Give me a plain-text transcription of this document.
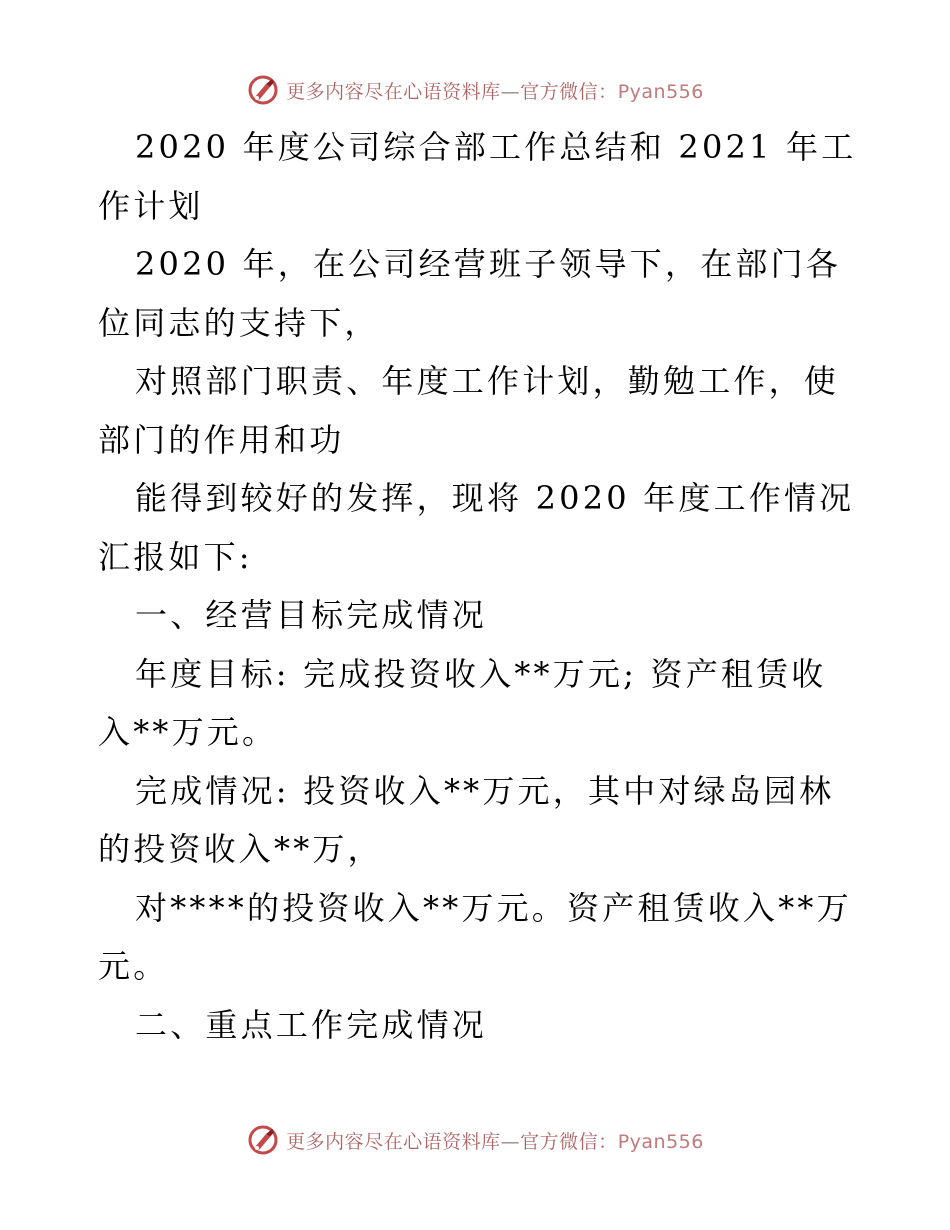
更多内容尽在心语资料库—官方微信：Pyan556

2020 年度公司综合部工作总结和 2021 年工作计划

2020 年，在公司经营班子领导下，在部门各位同志的支持下，

对照部门职责、年度工作计划，勤勉工作，使部门的作用和功

能得到较好的发挥，现将 2020 年度工作情况汇报如下:

一、经营目标完成情况

年度目标: 完成投资收入**万元; 资产租赁收入**万元。

完成情况: 投资收入**万元，其中对绿岛园林的投资收入**万，

对****的投资收入**万元。资产租赁收入**万元。

二、重点工作完成情况

更多内容尽在心语资料库—官方微信：Pyan556
